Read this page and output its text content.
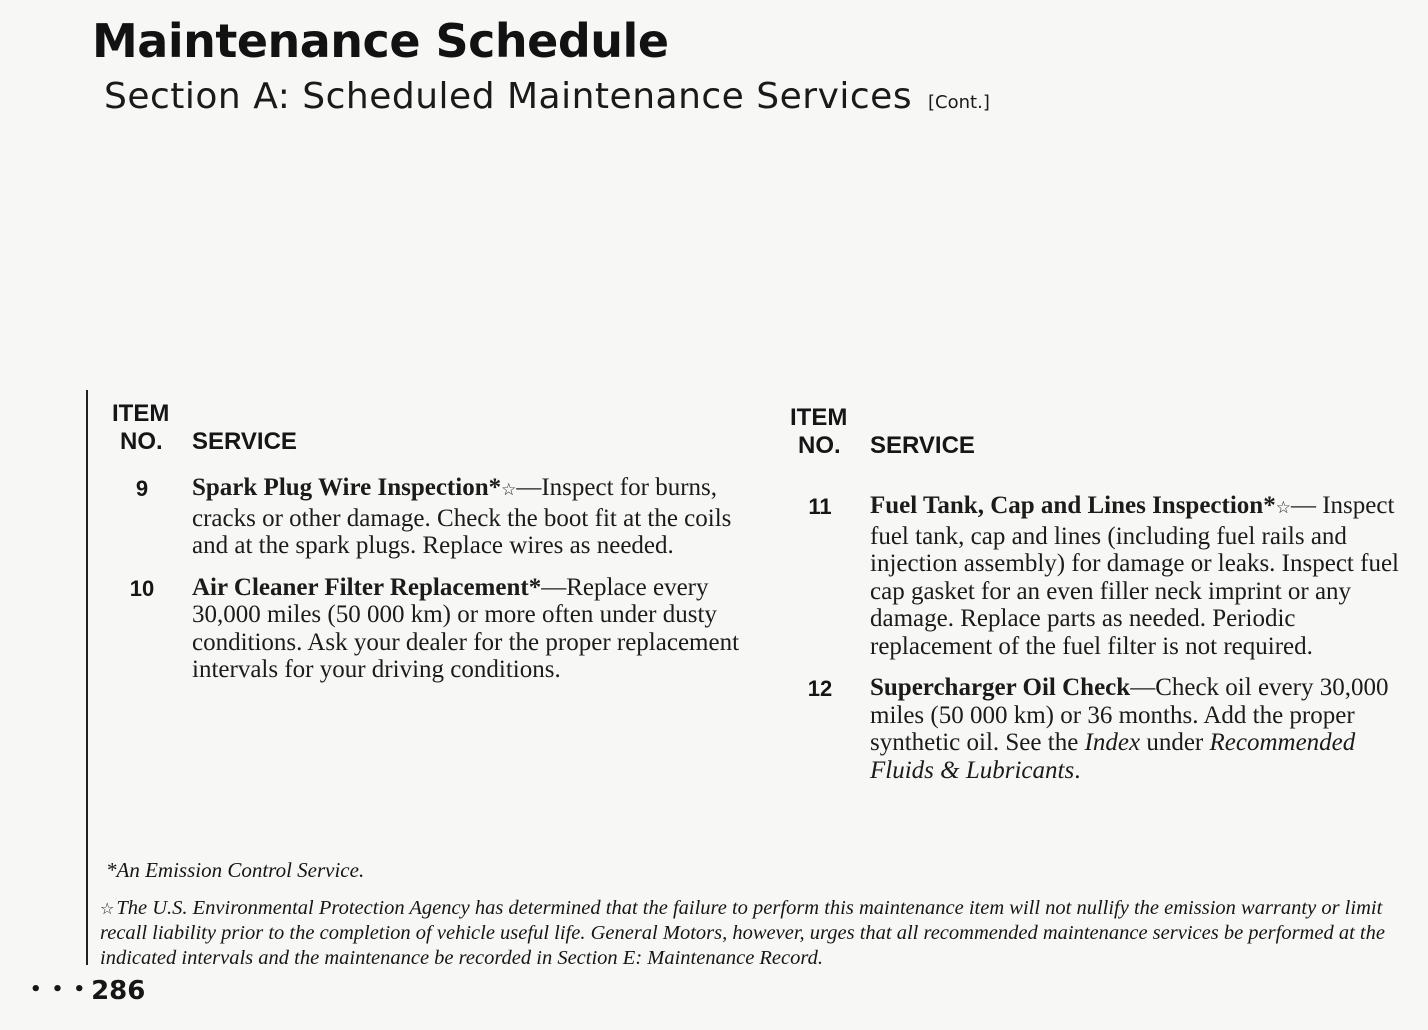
Maintenance Schedule
Section A: Scheduled Maintenance Services [Cont.]
ITEM
NO. SERVICE
9	Spark Plug Wire Inspection*☆—Inspect for burns, cracks or other damage. Check the boot fit at the coils and at the spark plugs. Replace wires as needed.
10	Air Cleaner Filter Replacement*—Replace every 30,000 miles (50 000 km) or more often under dusty conditions. Ask your dealer for the proper replacement intervals for your driving conditions.
ITEM
NO. SERVICE
11	Fuel Tank, Cap and Lines Inspection*☆— Inspect fuel tank, cap and lines (including fuel rails and injection assembly) for damage or leaks. Inspect fuel cap gasket for an even filler neck imprint or any damage. Replace parts as needed. Periodic replacement of the fuel filter is not required.
12	Supercharger Oil Check—Check oil every 30,000 miles (50 000 km) or 36 months. Add the proper synthetic oil. See the Index under Recommended Fluids & Lubricants.
*An Emission Control Service.
☆The U.S. Environmental Protection Agency has determined that the failure to perform this maintenance item will not nullify the emission warranty or limit recall liability prior to the completion of vehicle useful life. General Motors, however, urges that all recommended maintenance services be performed at the indicated intervals and the maintenance be recorded in Section E: Maintenance Record.
• • • 286
